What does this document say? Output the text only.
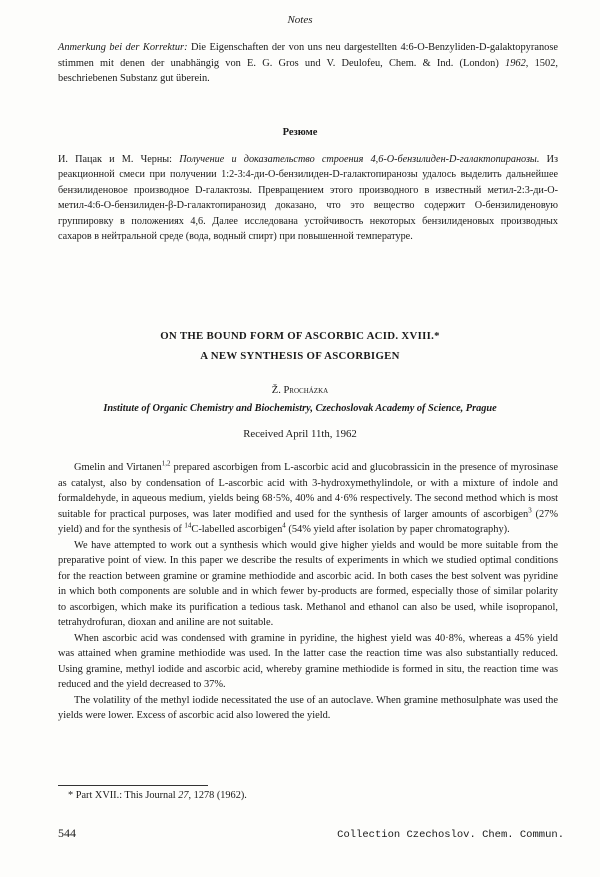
Notes
Anmerkung bei der Korrektur: Die Eigenschaften der von uns neu dargestellten 4:6-O-Benzyliden-D-galaktopyranose stimmen mit denen der unabhängig von E. G. Gros und V. Deulofeu, Chem. & Ind. (London) 1962, 1502, beschriebenen Substanz gut überein.
Резюме
И. Пацак и М. Черны: Получение и доказательство строения 4,6-О-бензилиден-D-галактопиранозы. Из реакционной смеси при получении 1:2-3:4-ди-О-бензилиден-D-галактопиранозы удалось выделить дальнейшее бензилиденовое производное D-галактозы. Превращением этого производного в известный метил-2:3-ди-О-метил-4:6-О-бензилиден-β-D-галактопиранозид доказано, что это вещество содержит О-бензилиденовую группировку в положениях 4,6. Далее исследована устойчивость некоторых бензилиденовых производных сахаров в нейтральной среде (вода, водный спирт) при повышенной температуре.
ON THE BOUND FORM OF ASCORBIC ACID. XVIII.*
A NEW SYNTHESIS OF ASCORBIGEN
Ž. Procházka
Institute of Organic Chemistry and Biochemistry, Czechoslovak Academy of Science, Prague
Received April 11th, 1962

Gmelin and Virtanen$^{1,2}$ prepared ascorbigen from L-ascorbic acid and glucobrassicin in the presence of myrosinase as catalyst, also by condensation of L-ascorbic acid with 3-hydroxymethylindole, or with a mixture of indole and formaldehyde, in aqueous medium, yields being 68·5%, 40% and 4·6% respectively. The second method which is most suitable for practical purposes, was later modified and used for the synthesis of larger amounts of ascorbigen$^3$ (27% yield) and for the synthesis of $^{14}$C-labelled ascorbigen$^4$ (54% yield after isolation by paper chromatography).

We have attempted to work out a synthesis which would give higher yields and would be more suitable from the preparative point of view. In this paper we describe the results of experiments in which we studied optimal conditions for the reaction between gramine or gramine methiodide and ascorbic acid. In both cases the best solvent was pyridine in which both components are soluble and in which fewer by-products are formed, especially those of similar polarity to ascorbigen, which make its purification a tedious task. Methanol and ethanol can also be used, while isopropanol, tetrahydrofuran, dioxan and aniline are not suitable.

When ascorbic acid was condensed with gramine in pyridine, the highest yield was 40·8%, whereas a 45% yield was attained when gramine methiodide was used. In the latter case the reaction time was also substantially reduced. Using gramine, methyl iodide and ascorbic acid, whereby gramine methiodide is formed in situ, the reaction time was reduced and the yield decreased to 37%.

The volatility of the methyl iodide necessitated the use of an autoclave. When gramine methosulphate was used the yields were lower. Excess of ascorbic acid also lowered the yield.

* Part XVII.: This Journal 27, 1278 (1962).
544	Collection Czechoslov. Chem. Commun.
